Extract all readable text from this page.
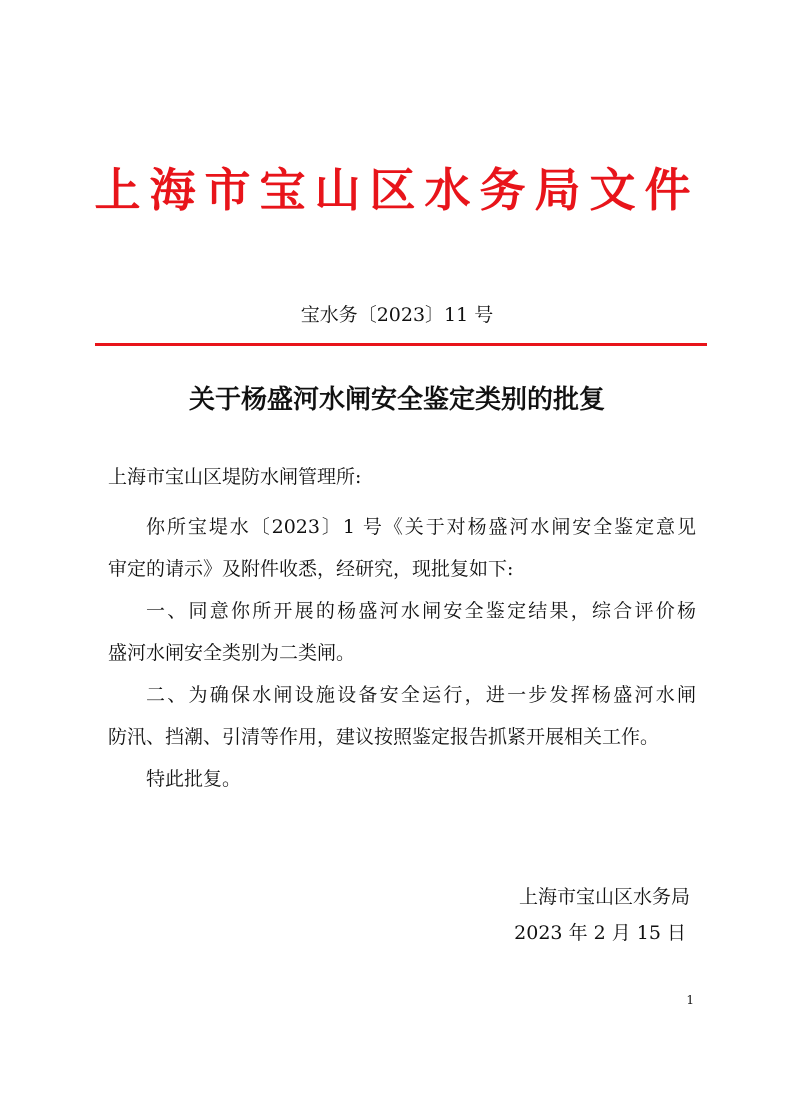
上海市宝山区水务局文件
宝水务〔2023〕11 号
关于杨盛河水闸安全鉴定类别的批复
上海市宝山区堤防水闸管理所:
你所宝堤水〔2023〕1 号《关于对杨盛河水闸安全鉴定意见 审定的请示》及附件收悉，经研究，现批复如下:
一、同意你所开展的杨盛河水闸安全鉴定结果，综合评价杨 盛河水闸安全类别为二类闸。
二、为确保水闸设施设备安全运行，进一步发挥杨盛河水闸 防汛、挡潮、引清等作用，建议按照鉴定报告抓紧开展相关工作。
特此批复。
上海市宝山区水务局
2023 年 2 月 15 日
1
